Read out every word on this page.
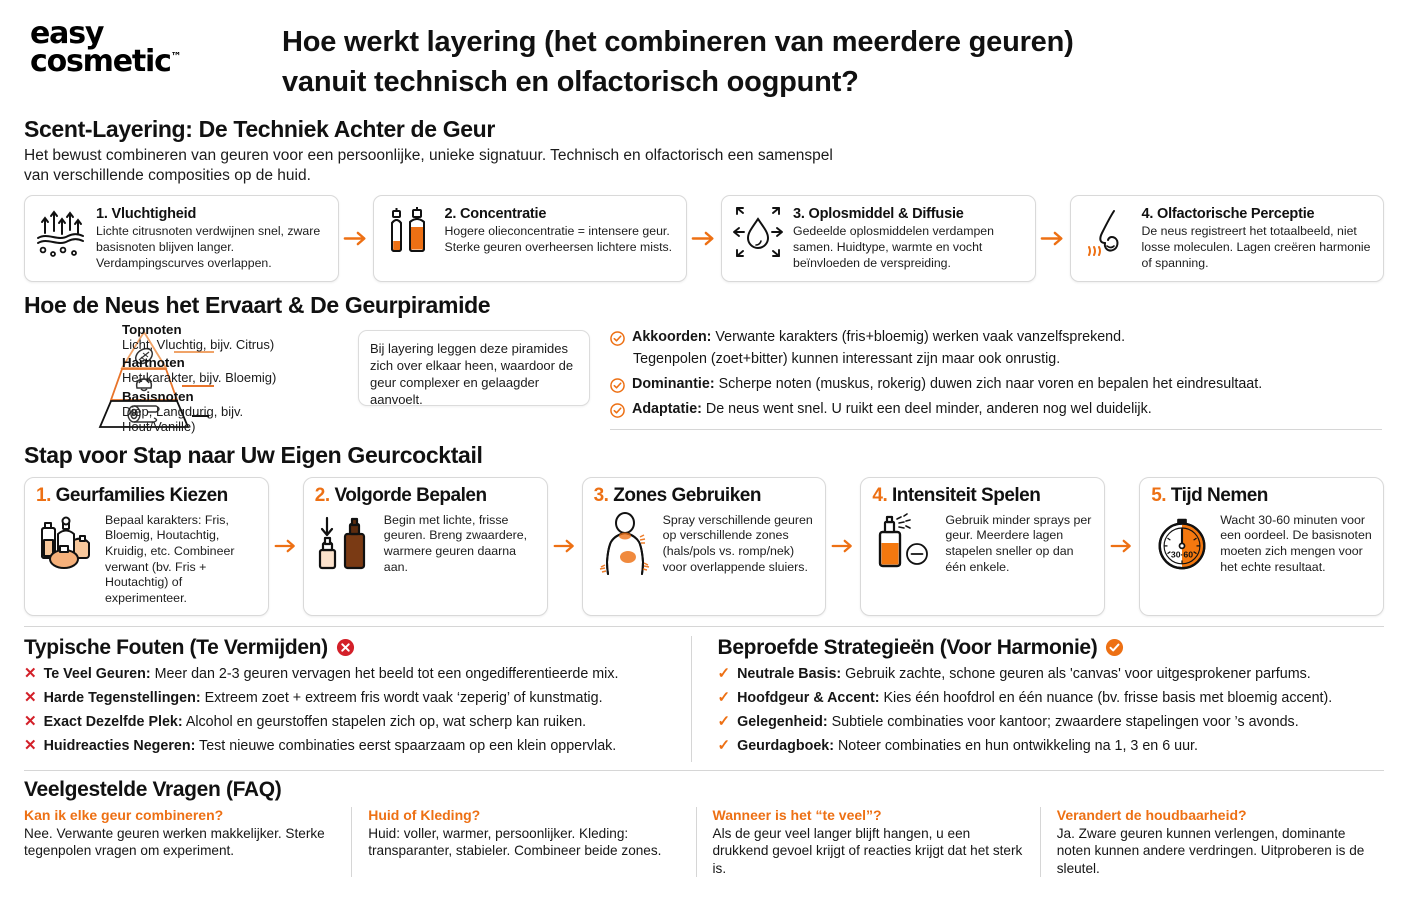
easy
cosmetic™	Hoe werkt layering (het combineren van meerdere geuren)
vanuit technisch en olfactorisch oogpunt?
Scent-Layering: De Techniek Achter de Geur
Het bewust combineren van geuren voor een persoonlijke, unieke signatuur. Technisch en olfactorisch een samenspel
van verschillende composities op de huid.
1. Vluchtigheid
Lichte citrusnoten verdwijnen snel, zware basisnoten blijven langer. Verdampingscurves overlappen.
2. Concentratie
Hogere olieconcentratie = intensere geur. Sterke geuren overheersen lichtere mists.
3. Oplosmiddel & Diffusie
Gedeelde oplosmiddelen verdampen samen. Huidtype, warmte en vocht beïnvloeden de verspreiding.
4. Olfactorische Perceptie
De neus registreert het totaalbeeld, niet losse moleculen. Lagen creëren harmonie of spanning.
Hoe de Neus het Ervaart & De Geurpiramide
Topnoten
Licht, Vluchtig, bijv. Citrus)
Hartnoten
Het karakter, bijv. Bloemig)
Basisnoten
Diep, Langdurig, bijv.
Hout/Vanille)
Bij layering leggen deze piramides zich over elkaar heen, waardoor de geur complexer en gelaagder aanvoelt.
Akkoorden: Verwante karakters (fris+bloemig) werken vaak vanzelfsprekend.
Tegenpolen (zoet+bitter) kunnen interessant zijn maar ook onrustig.
Dominantie: Scherpe noten (muskus, rokerig) duwen zich naar voren en bepalen het eindresultaat.
Adaptatie: De neus went snel. U ruikt een deel minder, anderen nog wel duidelijk.
Stap voor Stap naar Uw Eigen Geurcocktail
1. Geurfamilies Kiezen
Bepaal karakters: Fris, Bloemig, Houtachtig, Kruidig, etc. Combineer verwant (bv. Fris + Houtachtig) of experimenteer.
2. Volgorde Bepalen
Begin met lichte, frisse geuren. Breng zwaardere, warmere geuren daarna aan.
3. Zones Gebruiken
Spray verschillende geuren op verschillende zones (hals/pols vs. romp/nek) voor overlappende sluiers.
4. Intensiteit Spelen
Gebruik minder sprays per geur. Meerdere lagen stapelen sneller op dan één enkele.
5. Tijd Nemen
30·60
Wacht 30-60 minuten voor een oordeel. De basisnoten moeten zich mengen voor het echte resultaat.
Typische Fouten (Te Vermijden)
✕ Te Veel Geuren: Meer dan 2-3 geuren vervagen het beeld tot een ongedifferentieerde mix.
✕ Harde Tegenstellingen: Extreem zoet + extreem fris wordt vaak ‘zeperig’ of kunstmatig.
✕ Exact Dezelfde Plek: Alcohol en geurstoffen stapelen zich op, wat scherp kan ruiken.
✕ Huidreacties Negeren: Test nieuwe combinaties eerst spaarzaam op een klein oppervlak.
Beproefde Strategieën (Voor Harmonie)
✓ Neutrale Basis: Gebruik zachte, schone geuren als 'canvas' voor uitgesprokener parfums.
✓ Hoofdgeur & Accent: Kies één hoofdrol en één nuance (bv. frisse basis met bloemig accent).
✓ Gelegenheid: Subtiele combinaties voor kantoor; zwaardere stapelingen voor ’s avonds.
✓ Geurdagboek: Noteer combinaties en hun ontwikkeling na 1, 3 en 6 uur.
Veelgestelde Vragen (FAQ)
Kan ik elke geur combineren?
Nee. Verwante geuren werken makkelijker. Sterke tegenpolen vragen om experiment.
Huid of Kleding?
Huid: voller, warmer, persoonlijker. Kleding: transparanter, stabieler. Combineer beide zones.
Wanneer is het “te veel”?
Als de geur veel langer blijft hangen, u een drukkend gevoel krijgt of reacties krijgt dat het sterk is.
Verandert de houdbaarheid?
Ja. Zware geuren kunnen verlengen, dominante noten kunnen andere verdringen. Uitproberen is de sleutel.
